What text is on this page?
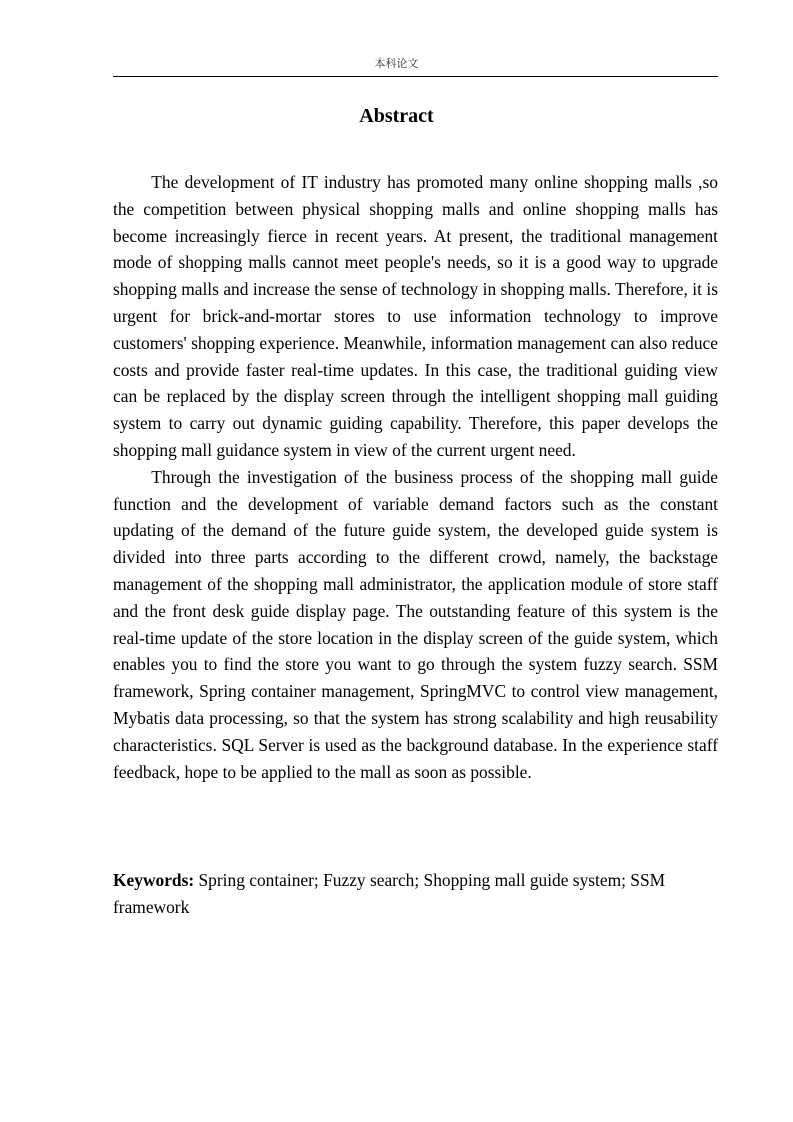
本科论文
Abstract

The development of IT industry has promoted many online shopping malls ,so the competition between physical shopping malls and online shopping malls has become increasingly fierce in recent years. At present, the traditional management mode of shopping malls cannot meet people's needs, so it is a good way to upgrade shopping malls and increase the sense of technology in shopping malls. Therefore, it is urgent for brick-and-mortar stores to use information technology to improve customers' shopping experience. Meanwhile, information management can also reduce costs and provide faster real-time updates. In this case, the traditional guiding view can be replaced by the display screen through the intelligent shopping mall guiding system to carry out dynamic guiding capability. Therefore, this paper develops the shopping mall guidance system in view of the current urgent need.

Through the investigation of the business process of the shopping mall guide function and the development of variable demand factors such as the constant updating of the demand of the future guide system, the developed guide system is divided into three parts according to the different crowd, namely, the backstage management of the shopping mall administrator, the application module of store staff and the front desk guide display page. The outstanding feature of this system is the real-time update of the store location in the display screen of the guide system, which enables you to find the store you want to go through the system fuzzy search. SSM framework, Spring container management, SpringMVC to control view management, Mybatis data processing, so that the system has strong scalability and high reusability characteristics. SQL Server is used as the background database. In the experience staff feedback, hope to be applied to the mall as soon as possible.

Keywords: Spring container; Fuzzy search; Shopping mall guide system; SSM framework
